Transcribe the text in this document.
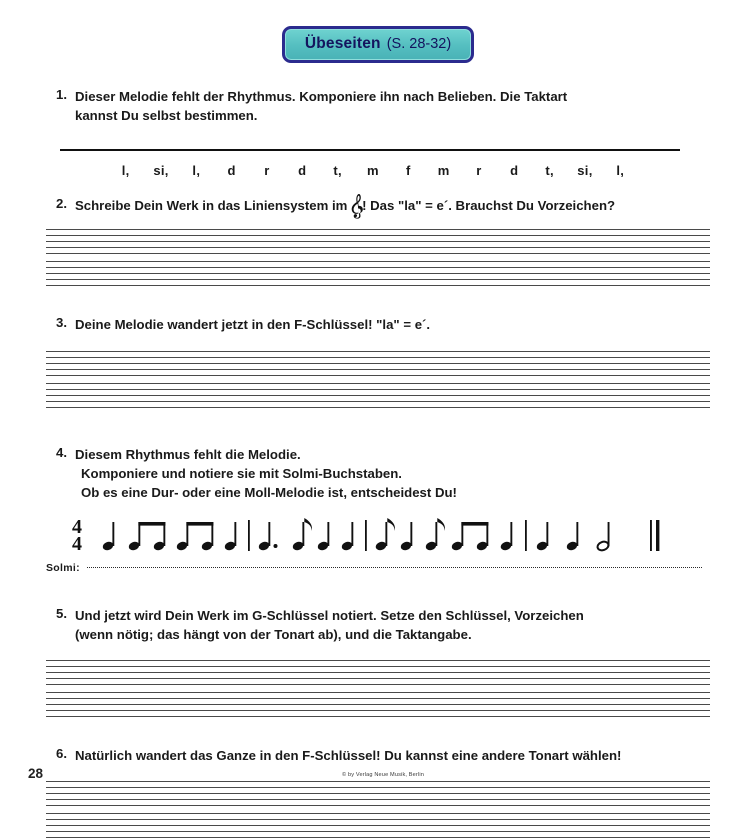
Übeseiten (S. 28-32)
1. Dieser Melodie fehlt der Rhythmus. Komponiere ihn nach Belieben. Die Taktart
kannst Du selbst bestimmen.
l,	si,	l,	d	r	d	t,	m	f	m	r	d	t,	si,	l,
2. Schreibe Dein Werk in das Liniensystem im
! Das "la" = e´. Brauchst Du Vorzeichen?
3. Deine Melodie wandert jetzt in den F-Schlüssel! "la" = e´.
4. Diesem Rhythmus fehlt die Melodie.
Komponiere und notiere sie mit Solmi-Buchstaben.
Ob es eine Dur- oder eine Moll-Melodie ist, entscheidest Du!
4
4
Solmi:
5. Und jetzt wird Dein Werk im G-Schlüssel notiert. Setze den Schlüssel, Vorzeichen
(wenn nötig; das hängt von der Tonart ab), und die Taktangabe.
6. Natürlich wandert das Ganze in den F-Schlüssel! Du kannst eine andere Tonart wählen!
28	© by Verlag Neue Musik, Berlin
